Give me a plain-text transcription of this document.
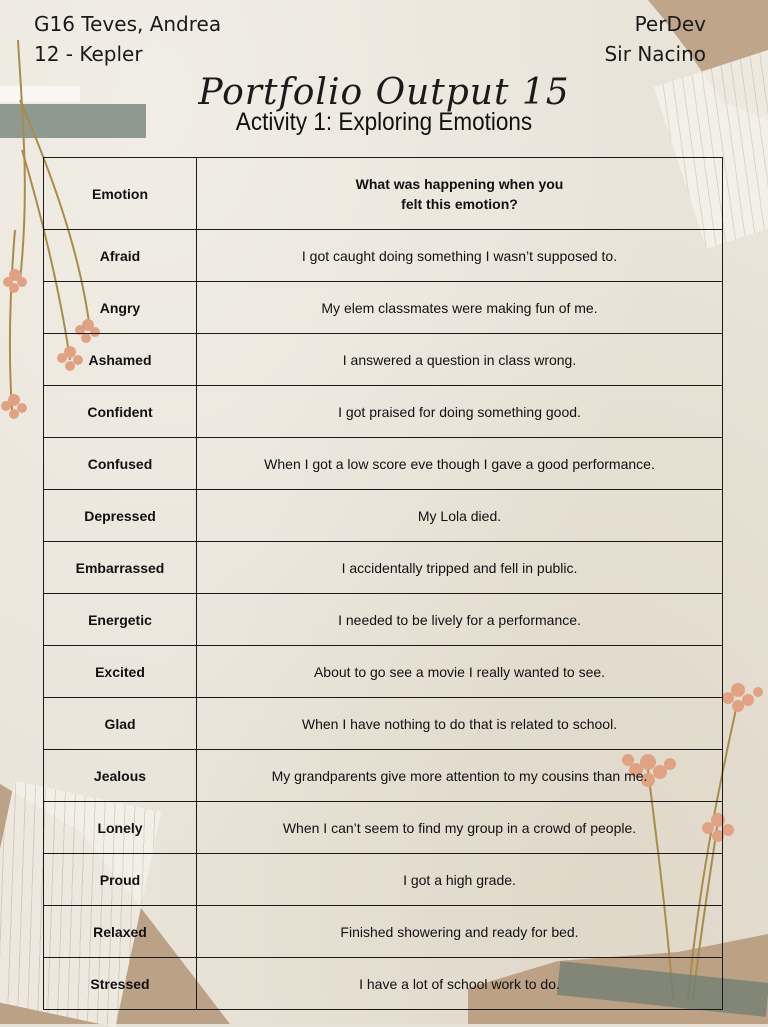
G16 Teves, Andrea
12 - Kepler
PerDev
Sir Nacino
Portfolio Output 15
Activity 1: Exploring Emotions
Emotion	What was happening when you felt this emotion?
Afraid	I got caught doing something I wasn’t supposed to.
Angry	My elem classmates were making fun of me.
Ashamed	I answered a question in class wrong.
Confident	I got praised for doing something good.
Confused	When I got a low score eve though I gave a good performance.
Depressed	My Lola died.
Embarrassed	I accidentally tripped and fell in public.
Energetic	I needed to be lively for a performance.
Excited	About to go see a movie I really wanted to see.
Glad	When I have nothing to do that is related to school.
Jealous	My grandparents give more attention to my cousins than me.
Lonely	When I can’t seem to find my group in a crowd of people.
Proud	I got a high grade.
Relaxed	Finished showering and ready for bed.
Stressed	I have a lot of school work to do.
